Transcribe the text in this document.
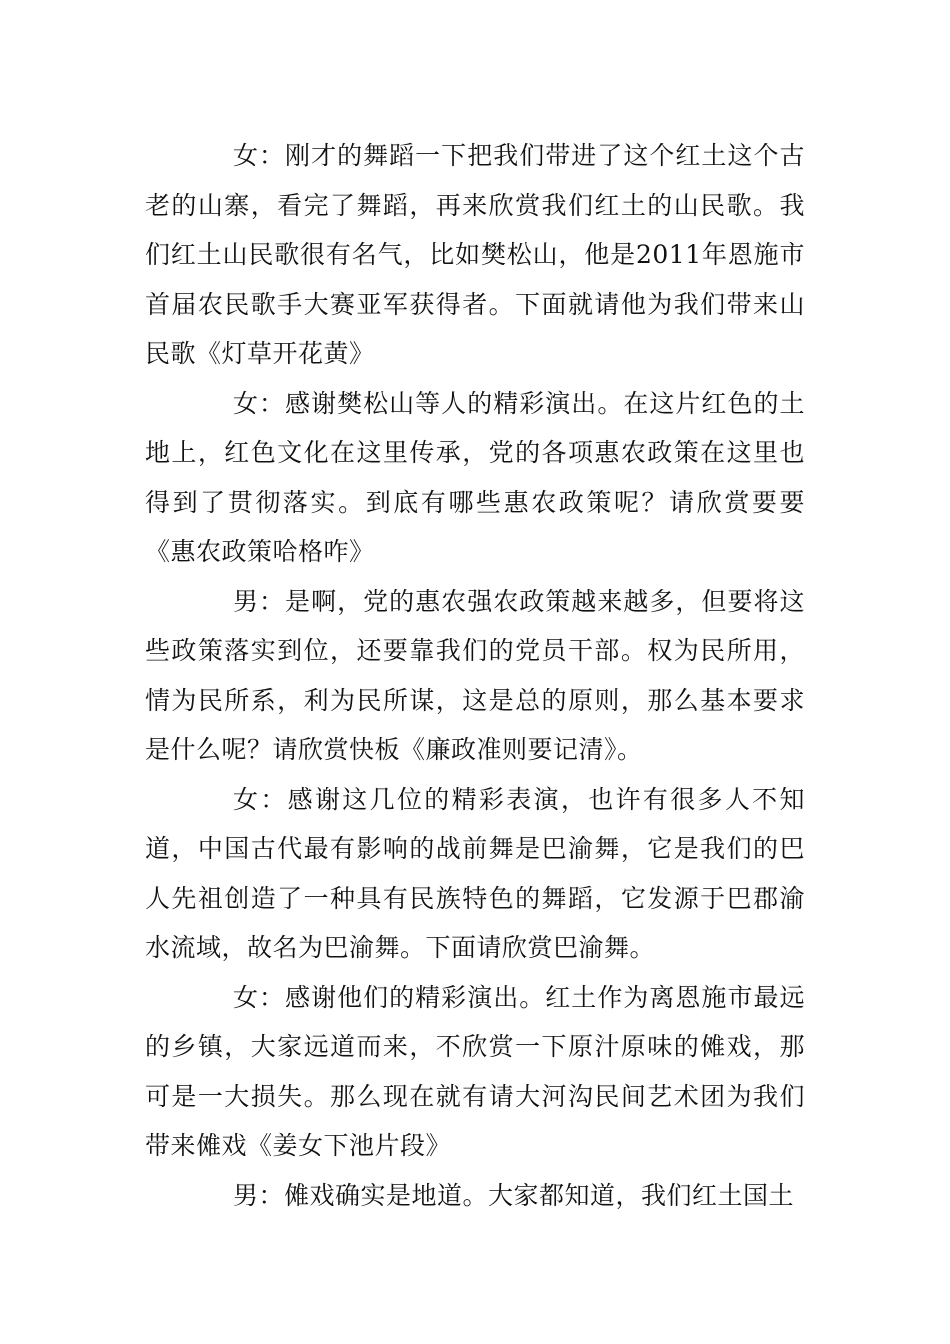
女：刚才的舞蹈一下把我们带进了这个红土这个古老的山寨，看完了舞蹈，再来欣赏我们红土的山民歌。我们红土山民歌很有名气，比如樊松山，他是2011年恩施市首届农民歌手大赛亚军获得者。下面就请他为我们带来山民歌《灯草开花黄》

女：感谢樊松山等人的精彩演出。在这片红色的土地上，红色文化在这里传承，党的各项惠农政策在这里也得到了贯彻落实。到底有哪些惠农政策呢？请欣赏要要《惠农政策哈格咋》

男：是啊，党的惠农强农政策越来越多，但要将这些政策落实到位，还要靠我们的党员干部。权为民所用，情为民所系，利为民所谋，这是总的原则，那么基本要求是什么呢？请欣赏快板《廉政准则要记清》。

女：感谢这几位的精彩表演，也许有很多人不知道，中国古代最有影响的战前舞是巴渝舞，它是我们的巴人先祖创造了一种具有民族特色的舞蹈，它发源于巴郡渝水流域，故名为巴渝舞。下面请欣赏巴渝舞。

女：感谢他们的精彩演出。红土作为离恩施市最远的乡镇，大家远道而来，不欣赏一下原汁原味的傩戏，那可是一大损失。那么现在就有请大河沟民间艺术团为我们带来傩戏《姜女下池片段》

男：傩戏确实是地道。大家都知道，我们红土国土
